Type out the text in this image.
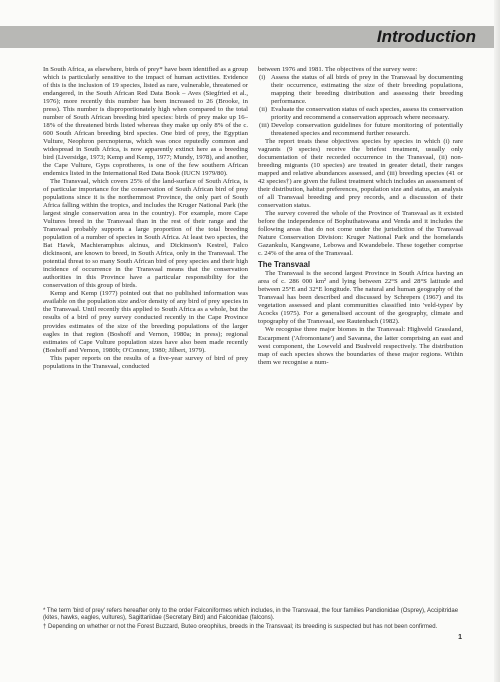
Introduction

In South Africa, as elsewhere, birds of prey* have been identified as a group which is particularly sensitive to the impact of human activities. Evidence of this is the inclusion of 19 species, listed as rare, vulnerable, threatened or endangered, in the South African Red Data Book – Aves (Siegfried et al., 1976); more recently this number has been increased to 26 (Brooke, in press). This number is disproportionately high when compared to the total number of South African breeding bird species: birds of prey make up 16–18% of the threatened birds listed whereas they make up only 8% of the c. 600 South African breeding bird species. One bird of prey, the Egyptian Vulture, Neophron percnopterus, which was once reputedly common and widespread in South Africa, is now apparently extinct here as a breeding bird (Liversidge, 1973; Kemp and Kemp, 1977; Mundy, 1978), and another, the Cape Vulture, Gyps coprotheres, is one of the few southern African endemics listed in the International Red Data Book (IUCN 1979/80).

The Transvaal, which covers 25% of the land-surface of South Africa, is of particular importance for the conservation of South African bird of prey populations since it is the northernmost Province, the only part of South Africa falling within the tropics, and includes the Kruger National Park (the largest single conservation area in the country). For example, more Cape Vultures breed in the Transvaal than in the rest of their range and the Transvaal probably supports a large proportion of the total breeding population of a number of species in South Africa. At least two species, the Bat Hawk, Machieramphus alcinus, and Dickinson's Kestrel, Falco dickinsoni, are known to breed, in South Africa, only in the Transvaal. The potential threat to so many South African bird of prey species and their high incidence of occurrence in the Transvaal means that the conservation authorities in this Province have a particular responsibility for the conservation of this group of birds.

Kemp and Kemp (1977) pointed out that no published information was available on the population size and/or density of any bird of prey species in the Transvaal. Until recently this applied to South Africa as a whole, but the results of a bird of prey survey conducted recently in the Cape Province provides estimates of the size of the breeding populations of the larger eagles in that region (Boshoff and Vernon, 1980a; in press); regional estimates of Cape Vulture population sizes have also been made recently (Boshoff and Vernon, 1980b; O'Connor, 1980; Jilbert, 1979).

This paper reports on the results of a five-year survey of bird of prey populations in the Transvaal, conducted

between 1976 and 1981. The objectives of the survey were:

(i) Assess the status of all birds of prey in the Transvaal by documenting their occurrence, estimating the size of their breeding populations, mapping their breeding distribution and assessing their breeding performance.
(ii) Evaluate the conservation status of each species, assess its conservation priority and recommend a conservation approach where necessary.
(iii) Develop conservation guidelines for future monitoring of potentially threatened species and recommend further research.

The report treats these objectives species by species in which (i) rare vagrants (9 species) receive the briefest treatment, usually only documentation of their recorded occurrence in the Transvaal, (ii) non-breeding migrants (10 species) are treated in greater detail, their ranges mapped and relative abundances assessed, and (iii) breeding species (41 or 42 species†) are given the fullest treatment which includes an assessment of their distribution, habitat preferences, population size and status, an analysis of all Transvaal breeding and prey records, and a discussion of their conservation status.

The survey covered the whole of the Province of Transvaal as it existed before the independence of Bophuthatswana and Venda and it includes the following areas that do not come under the jurisdiction of the Transvaal Nature Conservation Division: Kruger National Park and the homelands Gazankulu, Kangwane, Lebowa and Kwandebele. These together comprise c. 24% of the area of the Transvaal.

The Transvaal

The Transvaal is the second largest Province in South Africa having an area of c. 286 000 km² and lying between 22°S and 28°S latitude and between 25°E and 32°E longitude. The natural and human geography of the Transvaal has been described and discussed by Schrepers (1967) and its vegetation assessed and plant communities classified into 'veld-types' by Acocks (1975). For a generalised account of the geography, climate and topography of the Transvaal, see Rautenbach (1982).

We recognise three major biomes in the Transvaal: Highveld Grassland, Escarpment ('Afromontane') and Savanna, the latter comprising an east and west component, the Lowveld and Bushveld respectively. The distribution map of each species shows the boundaries of these major regions. Within them we recognise a num-

* The term 'bird of prey' refers hereafter only to the order Falconiformes which includes, in the Transvaal, the four families Pandionidae (Osprey), Accipitridae (kites, hawks, eagles, vultures), Sagittariidae (Secretary Bird) and Falconidae (falcons).

† Depending on whether or not the Forest Buzzard, Buteo oreophilus, breeds in the Transvaal; its breeding is suspected but has not been confirmed.

1
